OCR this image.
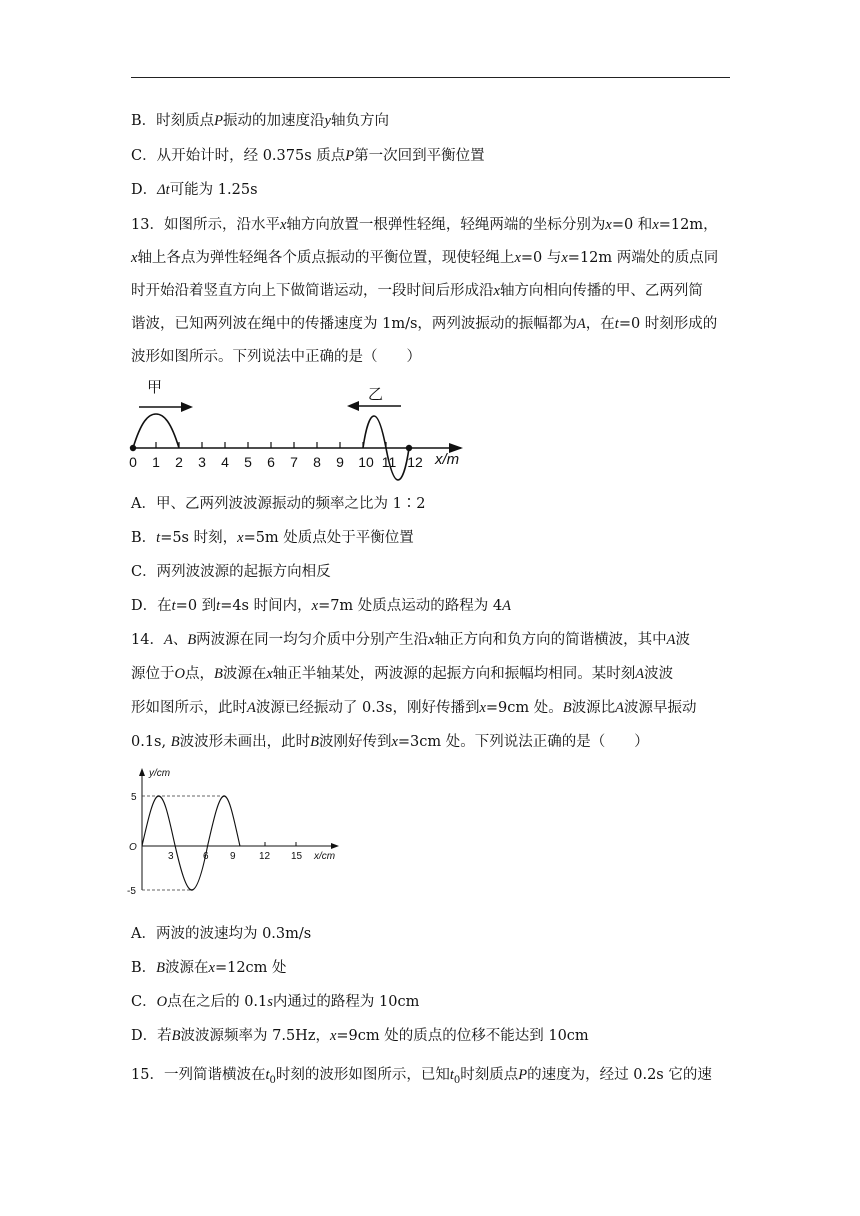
B．时刻质点P振动的加速度沿y轴负方向
C．从开始计时，经 0.375s 质点P第一次回到平衡位置
D．Δt可能为 1.25s
13．如图所示，沿水平x轴方向放置一根弹性轻绳，轻绳两端的坐标分别为x=0 和x=12m，
x轴上各点为弹性轻绳各个质点振动的平衡位置，现使轻绳上x=0 与x=12m 两端处的质点同
时开始沿着竖直方向上下做简谐运动，一段时间后形成沿x轴方向相向传播的甲、乙两列简
谐波，已知两列波在绳中的传播速度为 1m/s，两列波振动的振幅都为A，在t=0 时刻形成的
波形如图所示。下列说法中正确的是（　　）
甲	乙
0 1 2 3 4 5 6 7 8 9 10 11 12 x/m
A．甲、乙两列波波源振动的频率之比为 1∶2
B．t=5s 时刻，x=5m 处质点处于平衡位置
C．两列波波源的起振方向相反
D．在t=0 到t=4s 时间内，x=7m 处质点运动的路程为 4A
14．A、B两波源在同一均匀介质中分别产生沿x轴正方向和负方向的简谐横波，其中A波
源位于O点，B波源在x轴正半轴某处，两波源的起振方向和振幅均相同。某时刻A波波
形如图所示，此时A波源已经振动了 0.3s，刚好传播到x=9cm 处。B波源比A波源早振动
0.1s, B波波形未画出，此时B波刚好传到x=3cm 处。下列说法正确的是（　　）
y/cm
5
-5
O
3	6 9 12 15 x/cm
A．两波的波速均为 0.3m/s
B．B波源在x=12cm 处
C．O点在之后的 0.1s内通过的路程为 10cm
D．若B波波源频率为 7.5Hz，x=9cm 处的质点的位移不能达到 10cm
15．一列简谐横波在$t_0$时刻的波形如图所示，已知$t_0$时刻质点P的速度为，经过 0.2s 它的速
